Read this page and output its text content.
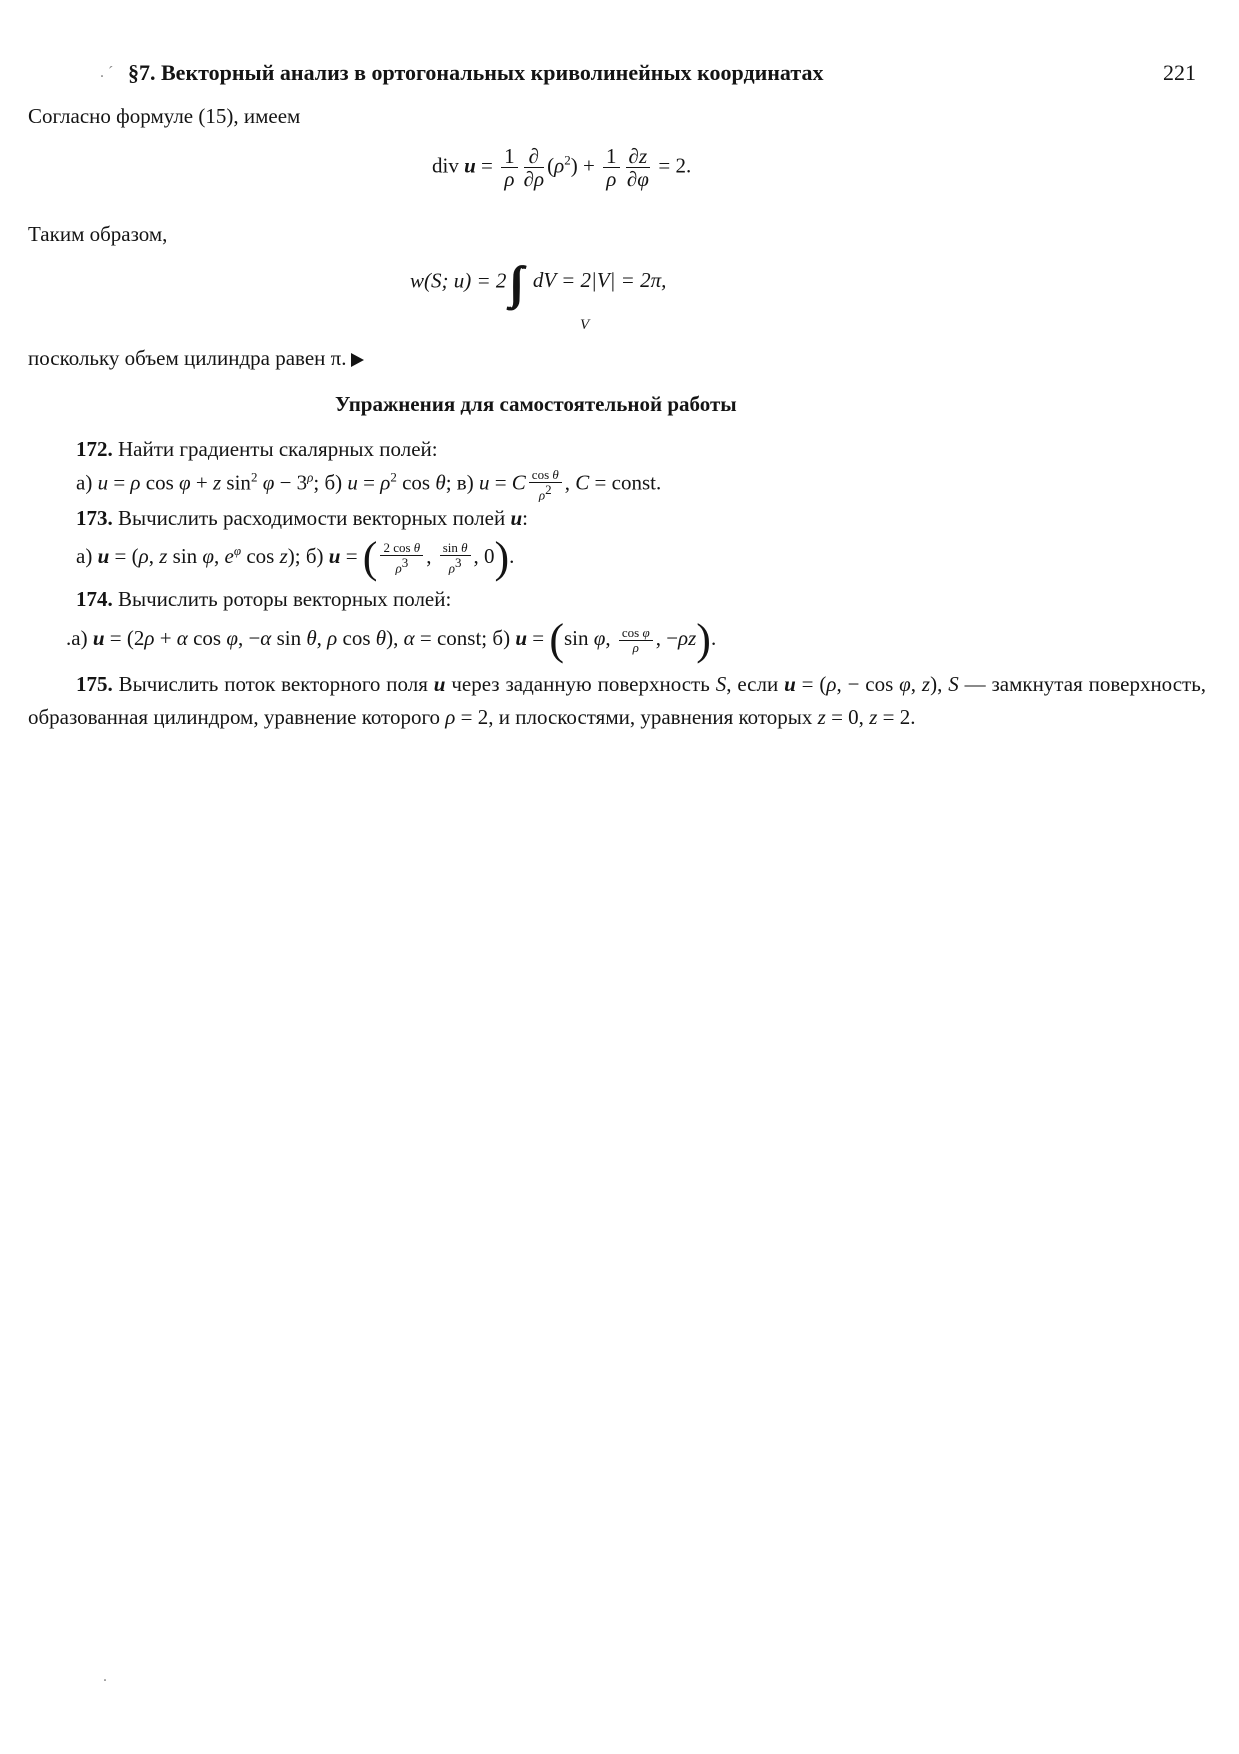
. ´ §7. Векторный анализ в ортогональных криволинейных координатах	221
Согласно формуле (15), имеем
div $u = \frac{1}{\rho} \frac{\partial}{\partial\rho} (\rho^2) + \frac{1}{\rho} \frac{\partial z}{\partial\varphi} = 2$.
Таким образом,
w(S; u) = 2 dV = 2|V| = 2π,
V
поскольку объем цилиндра равен π.
Упражнения для самостоятельной работы
172. Найти градиенты скалярных полей:
а) u = ρ cos φ + z $\sin^2 \varphi - 3^\rho$; б) $u = \rho^2$ cos θ; в) u = C $\frac{\text{cos θ}}{\rho^2}$ , C = const.
173. Вычислить расходимости векторных полей u:
а) u = (ρ, z sin φ, $e^\varphi$ cos z); б) u = ( $\frac{\text{2 cos θ}}{\rho^3}$ , $\frac{\text{sin θ}}{\rho^3}$ , 0).
174. Вычислить роторы векторных полей:
.а) u = (2ρ + α cos φ, −α sin θ, ρ cos θ), α = const; б) u = (sin φ, $\frac{\text{cos φ}}{\rho}$ , −ρz).
175. Вычислить поток векторного поля u через заданную поверхность S, если u = (ρ, − cos φ, z), S — замкнутая поверхность, образованная цилиндром, уравнение которого ρ = 2, и плоскостями, уравнения которых z = 0, z = 2.
.
